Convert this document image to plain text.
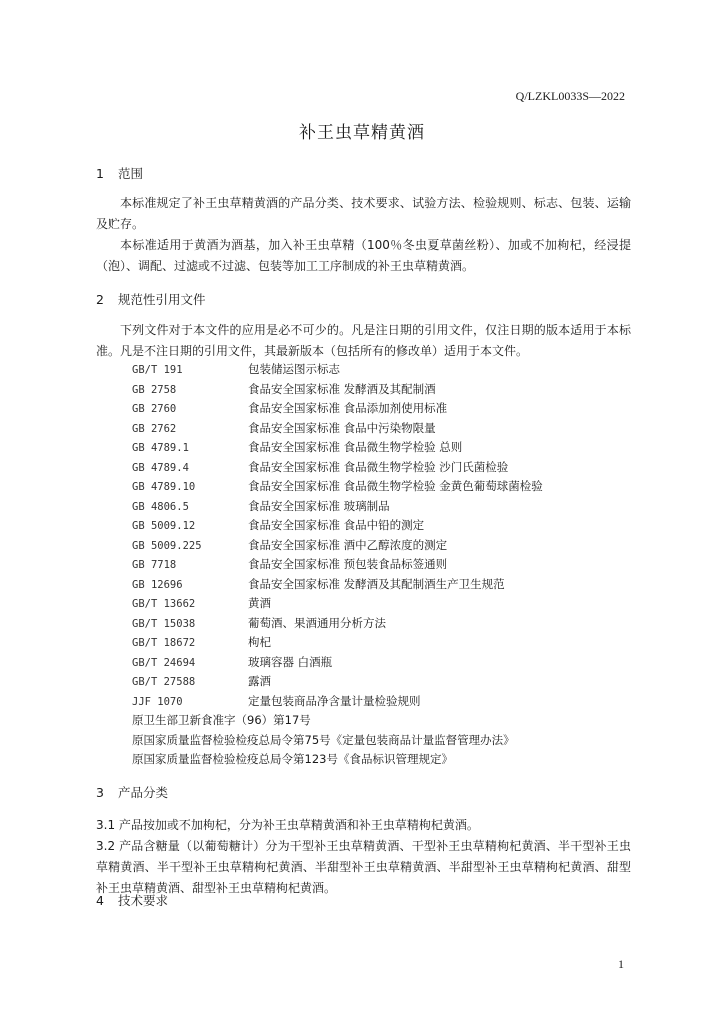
Q/LZKL0033S—2022
补王虫草精黄酒
1 范围
本标准规定了补王虫草精黄酒的产品分类、技术要求、试验方法、检验规则、标志、包装、运输及贮存。
本标准适用于黄酒为酒基，加入补王虫草精（100％冬虫夏草菌丝粉）、加或不加枸杞，经浸提（泡）、调配、过滤或不过滤、包装等加工工序制成的补王虫草精黄酒。
2 规范性引用文件
下列文件对于本文件的应用是必不可少的。凡是注日期的引用文件，仅注日期的版本适用于本标准。凡是不注日期的引用文件，其最新版本（包括所有的修改单）适用于本文件。
GB/T 191	包装储运图示标志
GB 2758	食品安全国家标准 发酵酒及其配制酒
GB 2760	食品安全国家标准 食品添加剂使用标准
GB 2762	食品安全国家标准 食品中污染物限量
GB 4789.1	食品安全国家标准 食品微生物学检验 总则
GB 4789.4	食品安全国家标准 食品微生物学检验 沙门氏菌检验
GB 4789.10	食品安全国家标准 食品微生物学检验 金黄色葡萄球菌检验
GB 4806.5	食品安全国家标准 玻璃制品
GB 5009.12	食品安全国家标准 食品中铅的测定
GB 5009.225	食品安全国家标准 酒中乙醇浓度的测定
GB 7718	食品安全国家标准 预包装食品标签通则
GB 12696	食品安全国家标准 发酵酒及其配制酒生产卫生规范
GB/T 13662	黄酒
GB/T 15038	葡萄酒、果酒通用分析方法
GB/T 18672	枸杞
GB/T 24694	玻璃容器 白酒瓶
GB/T 27588	露酒
JJF 1070	定量包装商品净含量计量检验规则
原卫生部卫新食准字（96）第17号
原国家质量监督检验检疫总局令第75号《定量包装商品计量监督管理办法》
原国家质量监督检验检疫总局令第123号《食品标识管理规定》
3 产品分类
3.1 产品按加或不加枸杞，分为补王虫草精黄酒和补王虫草精枸杞黄酒。
3.2 产品含糖量（以葡萄糖计）分为干型补王虫草精黄酒、干型补王虫草精枸杞黄酒、半干型补王虫草精黄酒、半干型补王虫草精枸杞黄酒、半甜型补王虫草精黄酒、半甜型补王虫草精枸杞黄酒、甜型补王虫草精黄酒、甜型补王虫草精枸杞黄酒。
4 技术要求
1
